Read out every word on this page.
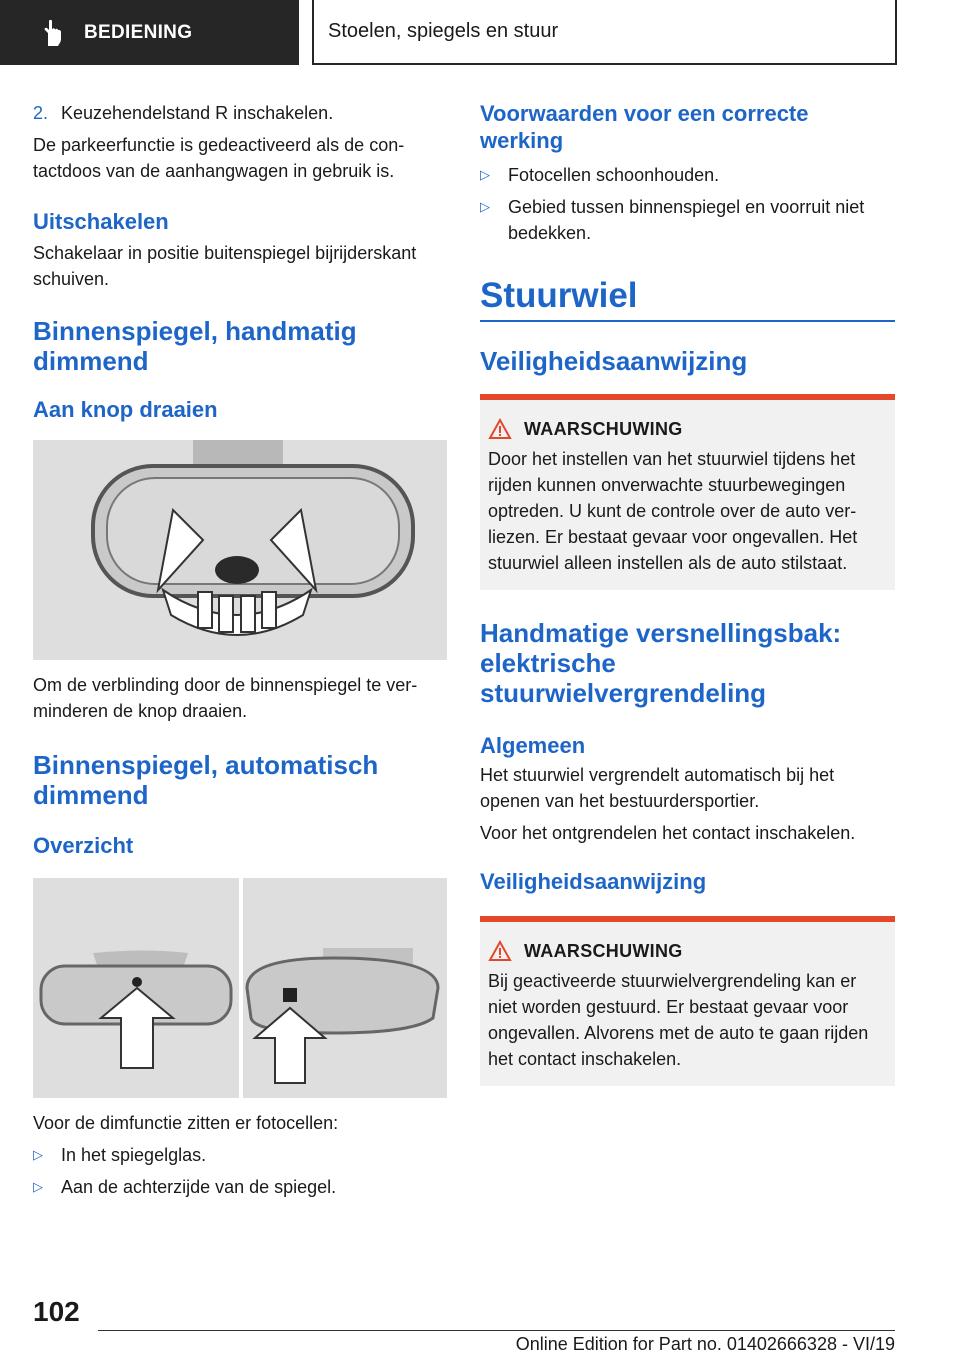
BEDIENING	Stoelen, spiegels en stuur
2. Keuzehendelstand R inschakelen.

De parkeerfunctie is gedeactiveerd als de contactdoos van de aanhangwagen in gebruik is.

Uitschakelen

Schakelaar in positie buitenspiegel bijrijderskant schuiven.

Binnenspiegel, handmatig dimmend
Aan knop draaien

Om de verblinding door de binnenspiegel te verminderen de knop draaien.

Binnenspiegel, automatisch dimmend
Overzicht

Voor de dimfunctie zitten er fotocellen:

▷	In het spiegelglas.
▷	Aan de achterzijde van de spiegel.
Voorwaarden voor een correcte werking
▷	Fotocellen schoonhouden.
▷	Gebied tussen binnenspiegel en voorruit niet bedekken.
Stuurwiel
Veiligheidsaanwijzing
WAARSCHUWING

Door het instellen van het stuurwiel tijdens het rijden kunnen onverwachte stuurbewegingen optreden. U kunt de controle over de auto verliezen. Er bestaat gevaar voor ongevallen. Het stuurwiel alleen instellen als de auto stilstaat.

Handmatige versnellingsbak: elektrische stuurwielvergrendeling
Algemeen

Het stuurwiel vergrendelt automatisch bij het openen van het bestuurdersportier.

Voor het ontgrendelen het contact inschakelen.

Veiligheidsaanwijzing
WAARSCHUWING

Bij geactiveerde stuurwielvergrendeling kan er niet worden gestuurd. Er bestaat gevaar voor ongevallen. Alvorens met de auto te gaan rijden het contact inschakelen.

102
Online Edition for Part no. 01402666328 - VI/19
